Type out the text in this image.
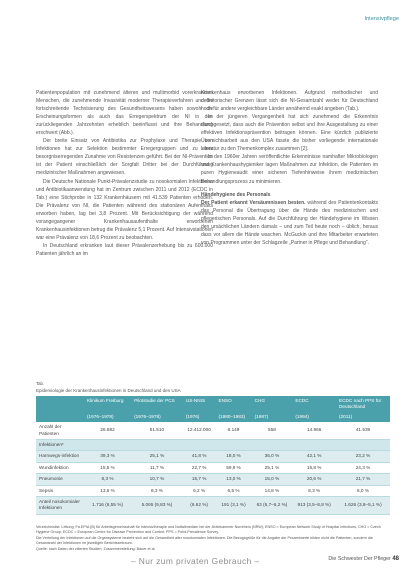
Intensivpflege

Patientenpopulation mit zunehmend älteren und multimorbid vorerkrankten Menschen, die zunehmende Invasivität moderner Therapieverfahren und die fortschreitende Technisierung des Gesundheitswesens haben sowohl die Erscheinungsformen als auch das Erregerspektrum der NI in den zurückliegenden Jahrzehnten erheblich beeinflusst und ihre Behandlung erschwert (Abb.).

Der breite Einsatz von Antibiotika zur Prophylaxe und Therapie von Infektionen hat zur Selektion bestimmter Erregergruppen und zu einer besorgniserregenden Zunahme von Resistenzen geführt. Bei der NI-Prävention ist der Patient einschließlich der Sorgfalt Dritter bei der Durchführung medizinischer Maßnahmen angewiesen.

Die Deutsche Nationale Punkt-Prävalenzstudie zu nosokomialen Infektionen und Antibiotikaanwendung hat im Zentrum zwischen 2011 und 2012 (ECDC in Tab.) eine Stichprobe in 132 Krankenhäusern mit 41.539 Patienten erhoben. Die Prävalenz von NI, die Patienten während des stationären Aufenthalts erworben haben, lag bei 3,8 Prozent. Mit Berücksichtigung der während vorangegangener Krankenhausaufenthalte erworbenen Krankenhausinfektionen betrug die Prävalenz 5,1 Prozent. Auf Intensivstationen war eine Prävalenz von 18,6 Prozent zu beobachten.

In Deutschland erkranken laut dieser Prävalenzerhebung bis zu 600.000 Patienten jährlich an im

Krankenhaus erworbenen Infektionen. Aufgrund methodischer und definitorischer Grenzen lässt sich die NI-Gesamtzahl weder für Deutschland noch für andere vergleichbare Länder annähernd exakt angeben (Tab.).

In der jüngeren Vergangenheit hat sich zunehmend die Erkenntnis durchgesetzt, dass auch die Prävention selbst und ihre Ausgestaltung zu einer effektiven Infektionsprävention beitragen können. Eine kürzlich publizierte Übersichtsarbeit aus den USA fasste die bisher vorliegende internationale Literatur zu den Themenkomplex zusammen [2].

In den 1960er Jahren veröffentlichte Erkenntnisse namhafter Mikrobiologen und Krankenhaushygieniker lagen Maßnahmen zur Infektion, die Patienten im puren Hygieneaudit einer sicheren Tiefenhinweise ihrem medizinischen Behandlungsprozess zu minimieren.

Händehygiene des Personals

Der Patient erkannt Versäumnissen besten. während des Patientenkontakts das Personal die Übertragung über die Hände des medizinischen und pflegerischen Personals. Auf die Durchführung der Händehygiene im Wissen den ursächlichen Ländern damals – und zum Teil heute noch – üblich, heraus dass vor allem die Hände waschen. McGuckin und ihre Mitarbeiter erwarteten von Programmen unter der Schlagzeile „Partner in Pflege und Behandlung“.

Tab.
Epidemiologie der Krankenhausinfektionen in Deutschland und den USA
	Klinikum Freiburg	Pilotstudie der PCS	US-NNIS	ENSO	CHG	ECDC	ECDC nach PPS für Deutschland
	(1976–1978)	(1976–1978)	(1976)	(1980–1983)	(1987)	(1994)	(2011)
Anzahl der Patienten	26.882	51.510	12.412.000	6.149	558	14.966	41.539
Infektionen*							
Harnwegs-infektion	39,3 %	25,1 %	41,8 %	18,0 %	36,0 %	42,1 %	23,2 %
Wundinfektion	15,5 %	11,7 %	22,7 %	59,9 %	25,1 %	15,8 %	24,3 %
Pneumonie	8,3 %	10,7 %	15,7 %	13,0 %	15,0 %	20,6 %	21,7 %
Sepsis	13,6 %	8,3 %	6,2 %	6,5 %	14,8 %	8,3 %	6,0 %
Anteil nosokomialer Infektionen	1.716 (6,55 %)	5.065 (9,83 %)	(6.62 %)	191 (3,1 %)	63 (6,7–6,2 %)	913 (3,5–8,8 %)	1.626 (3,8–5,1 %)
Verzeichnislist: Leitung; Fa.EPIA (B) für Arbeitsgemeinschaft für Intensivtherapie und Notfallmedizin bei der Ärztekammer Nordrhein (NRW); ENSO = European Network Study of Hospital Infections; CHG = Czech Hygiene Group; ECDC = European Centre for Disease Prevention and Control; PPS = Point-Prevalence Survey.
Die Verteilung der Infektionen auf die Organsysteme bezieht sich auf die Gesamtheit aller nosokomialen Infektionen. Die Bezugsgröße für die Angabe der Prozentwerte bilden nicht die Patienten, sondern die Gesamtzahl der Infektionen im jeweiligen Berichtszeitraum.
Quelle: nach Daten der zitierten Studien; Zusammenstellung: Bauer et al.
– Nur zum privaten Gebrauch –	Die Schwester Der Pfleger 48
